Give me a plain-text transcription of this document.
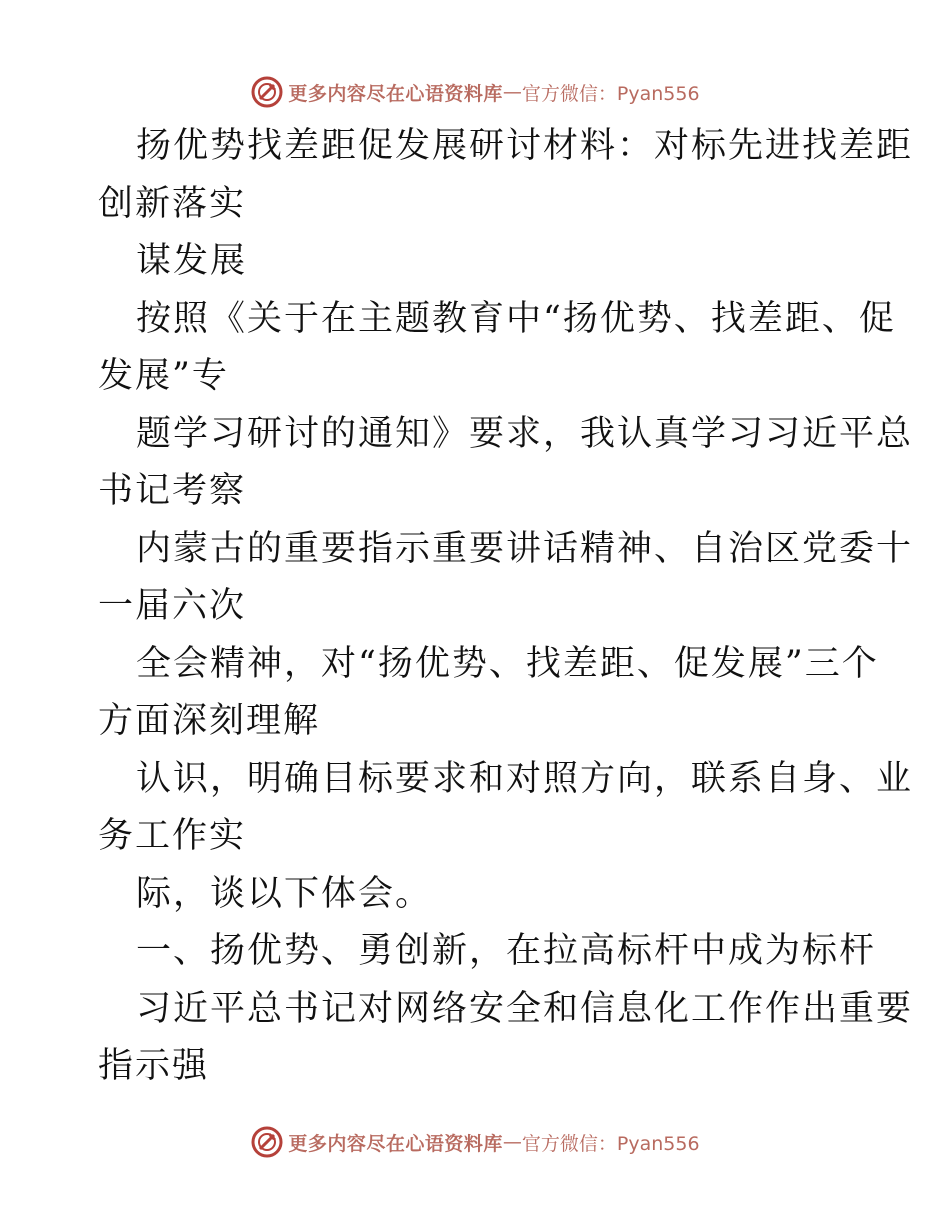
更多内容尽在心语资料库 — 官方微信：Pyan556
扬优势找差距促发展研讨材料：对标先进找差距
创新落实
谋发展
按照《关于在主题教育中“扬优势、找差距、促
发展”专
题学习研讨的通知》要求，我认真学习习近平总
书记考察
内蒙古的重要指示重要讲话精神、自治区党委十
一届六次
全会精神，对“扬优势、找差距、促发展”三个
方面深刻理解
认识，明确目标要求和对照方向，联系自身、业
务工作实
际，谈以下体会。
一、扬优势、勇创新，在拉高标杆中成为标杆
习近平总书记对网络安全和信息化工作作出重要
指示强
更多内容尽在心语资料库 — 官方微信：Pyan556
